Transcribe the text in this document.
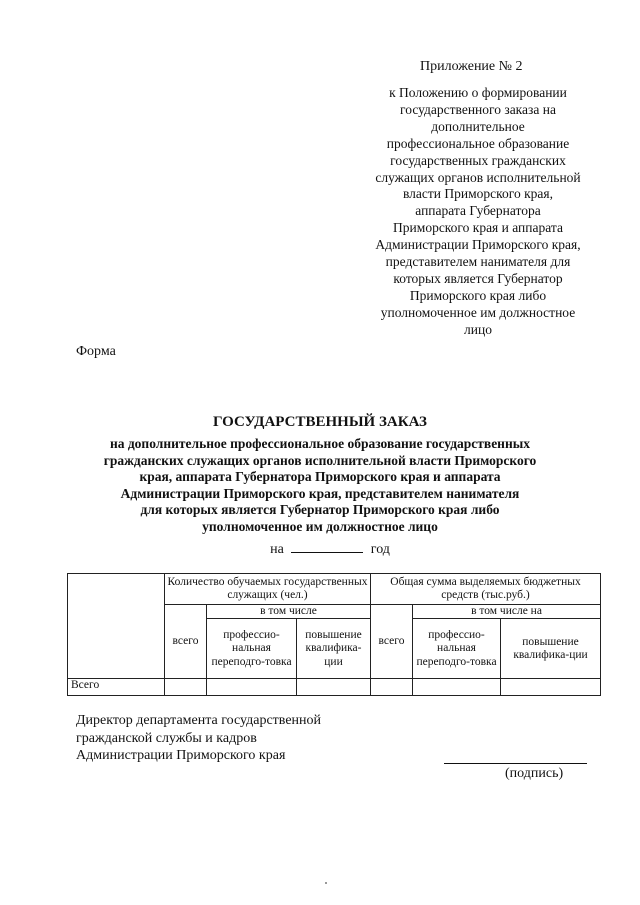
Приложение № 2
к Положению о формировании
государственного заказа на
дополнительное
профессиональное образование
государственных гражданских
служащих органов исполнительной
власти Приморского края,
аппарата Губернатора
Приморского края и аппарата
Администрации Приморского края,
представителем нанимателя для
которых является Губернатор
Приморского края либо
уполномоченное им должностное
лицо
Форма
ГОСУДАРСТВЕННЫЙ ЗАКАЗ
на дополнительное профессиональное образование государственных
гражданских служащих органов исполнительной власти Приморского
края, аппарата Губернатора Приморского края и аппарата
Администрации Приморского края, представителем нанимателя
для которых является Губернатор Приморского края либо
уполномоченное им должностное лицо
на	год
	Количество обучаемых государственных служащих (чел.)			Общая сумма выделяемых бюджетных средств (тыс.руб.)		
	всего	в том числе		всего	в том числе на	
		профессио-нальная переподго-товка	повышение квалифика-ции		профессио-нальная переподго-товка	повышение квалифика-ции
Всего						
Директор департамента государственной
гражданской службы и кадров
Администрации Приморского края
(подпись)
